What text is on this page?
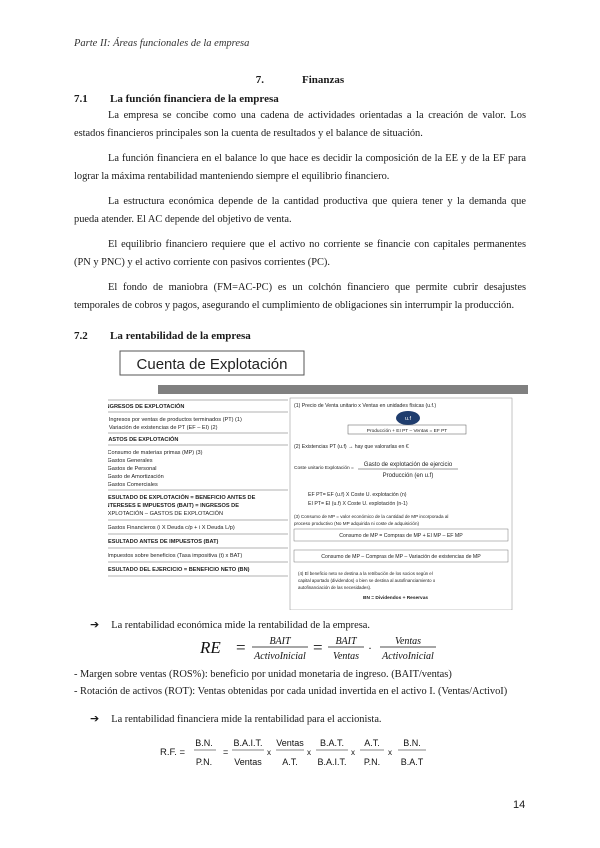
Parte II: Áreas funcionales de la empresa
7.	Finanzas
7.1 La función financiera de la empresa
La empresa se concibe como una cadena de actividades orientadas a la creación de valor. Los estados financieros principales son la cuenta de resultados y el balance de situación.
La función financiera en el balance lo que hace es decidir la composición de la EE y de la EF para lograr la máxima rentabilidad manteniendo siempre el equilibrio financiero.
La estructura económica depende de la cantidad productiva que quiera tener y la demanda que pueda atender. El AC depende del objetivo de venta.
El equilibrio financiero requiere que el activo no corriente se financie con capitales permanentes (PN y PNC) y el activo corriente con pasivos corrientes (PC).
El fondo de maniobra (FM=AC-PC) es un colchón financiero que permite cubrir desajustes temporales de cobros y pagos, asegurando el cumplimiento de obligaciones sin interrumpir la producción.
7.2 La rentabilidad de la empresa
Cuenta de Explotación
INGRESOS DE EXPLOTACIÓN
+ Ingresos por ventas de productos terminados (PT) (1)
+ Variación de existencias de PT (EF – EI) (2)
GASTOS DE EXPLOTACIÓN
- Consumo de materias primas (MP) (3)
- Gastos Generales
- Gastos de Personal
- Gasto de Amortización
- Gastos Comerciales
RESULTADO DE EXPLOTACIÓN = BENEFICIO ANTES DE
INTERESES E IMPUESTOS (BAIT) = INGRESOS DE
EXPLOTACIÓN – GASTOS DE EXPLOTACIÓN
- Gastos Financieros (i X Deuda c/p + i X Deuda L/p)
RESULTADO ANTES DE IMPUESTOS (BAT)
- Impuestos sobre beneficios (Tasa impositiva (t) x BAT)
RESULTADO DEL EJERCICIO = BENEFICIO NETO (BN)
(1) Precio de Venta unitario x Ventas en unidades físicas (u.f.)
u.f
Producción + EI PT – Ventas = EF PT
(2) Existencias PT (u.f) → hay que valorarlas en €
Coste unitario Explotación =
Gasto de explotación de ejercicio
Producción (en u.f)
EF PT= EF (u.f) X Coste U. explotación (n)
EI PT= EI (u.f) X Coste U. explotación (n-1)
(3) Consumo de MP = valor económico de la cantidad de MP incorporada al
proceso productivo (No MP adquirida ni coste de adquisición)
Consumo de MP = Compras de MP + EI MP – EF MP
Consumo de MP – Compras de MP – Variación de existencias de MP
(4) El beneficio neto se destina a la retribución de los socios según el
capital aportado (dividendos) o bien se destina al autofinanciamiento o
autofinanciación de las necesidades).
BN = Dividendos + Reservas
➔ La rentabilidad económica mide la rentabilidad de la empresa.
RE = BAIT
ActivoInicial = BAIT
Ventas
· Ventas
ActivoInicial
- Margen sobre ventas (ROS%): beneficio por unidad monetaria de ingreso. (BAIT/ventas)
- Rotación de activos (ROT): Ventas obtenidas por cada unidad invertida en el activo I. (Ventas/ActivoI)
➔ La rentabilidad financiera mide la rentabilidad para el accionista.
R.F. =
B.N.
P.N.
=
B.A.I.T.
Ventas
x
Ventas
A.T.
x
B.A.T.
B.A.I.T.
x
A.T.
P.N.
x
B.N.
B.A.T
14
